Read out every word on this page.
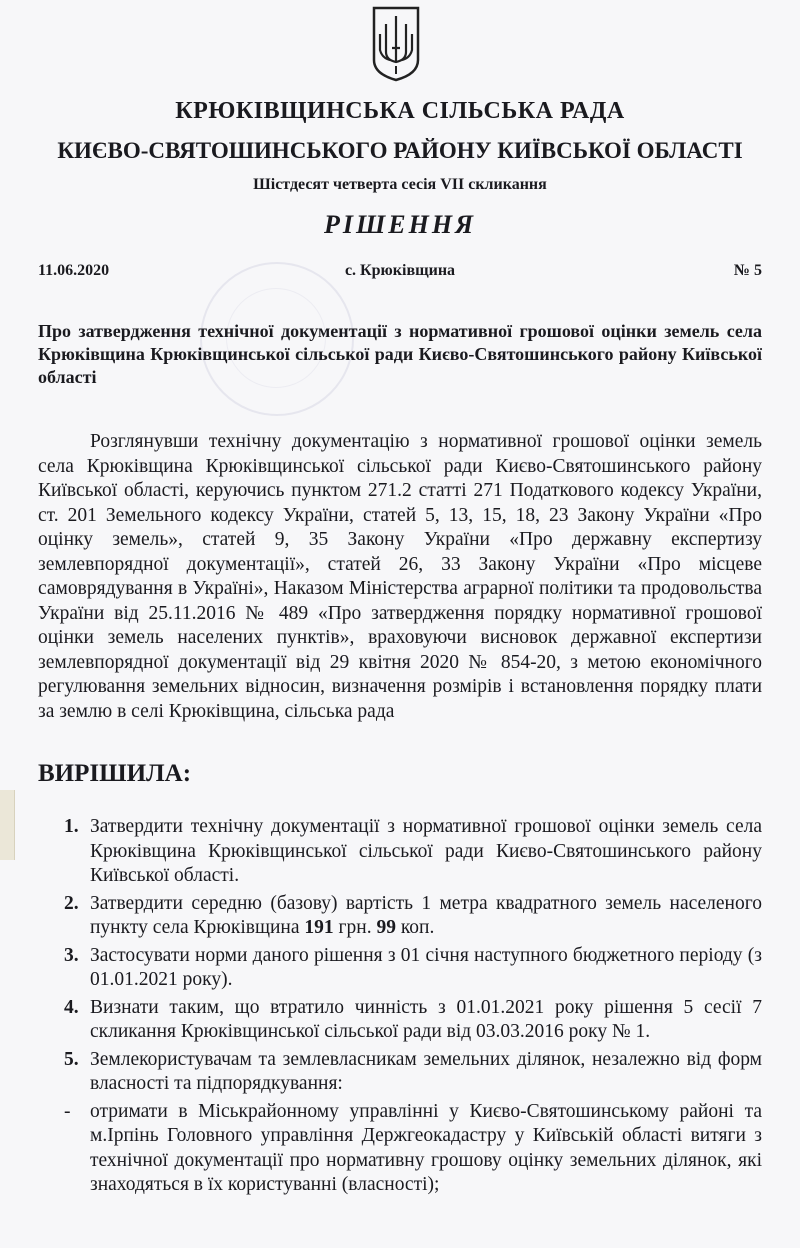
КРЮКІВЩИНСЬКА СІЛЬСЬКА РАДА
КИЄВО-СВЯТОШИНСЬКОГО РАЙОНУ КИЇВСЬКОЇ ОБЛАСТІ
Шістдесят четверта сесія VII скликання
РІШЕННЯ
с. Крюківщина
11.06.2020	№ 5
Про затвердження технічної документації з нормативної грошової оцінки земель села Крюківщина Крюківщинської сільської ради Києво-Святошинського району Київської області
Розглянувши технічну документацію з нормативної грошової оцінки земель села Крюківщина Крюківщинської сільської ради Києво-Святошинського району Київської області, керуючись пунктом 271.2 статті 271 Податкового кодексу України, ст. 201 Земельного кодексу України, статей 5, 13, 15, 18, 23 Закону України «Про оцінку земель», статей 9, 35 Закону України «Про державну експертизу землевпорядної документації», статей 26, 33 Закону України «Про місцеве самоврядування в Україні», Наказом Міністерства аграрної політики та продовольства України від 25.11.2016 № 489 «Про затвердження порядку нормативної грошової оцінки земель населених пунктів», враховуючи висновок державної експертизи землевпорядної документації від 29 квітня 2020 № 854-20, з метою економічного регулювання земельних відносин, визначення розмірів і встановлення порядку плати за землю в селі Крюківщина, сільська рада
ВИРІШИЛА:
1. Затвердити технічну документації з нормативної грошової оцінки земель села Крюківщина Крюківщинської сільської ради Києво-Святошинського району Київської області.
2. Затвердити середню (базову) вартість 1 метра квадратного земель населеного пункту села Крюківщина 191 грн. 99 коп.
3. Застосувати норми даного рішення з 01 січня наступного бюджетного періоду (з 01.01.2021 року).
4. Визнати таким, що втратило чинність з 01.01.2021 року рішення 5 сесії 7 скликання Крюківщинської сільської ради від 03.03.2016 року № 1.
5. Землекористувачам та землевласникам земельних ділянок, незалежно від форм власності та підпорядкування:
- отримати в Міськрайонному управлінні у Києво-Святошинському районі та м.Ірпінь Головного управління Держгеокадастру у Київській області витяги з технічної документації про нормативну грошову оцінку земельних ділянок, які знаходяться в їх користуванні (власності);
